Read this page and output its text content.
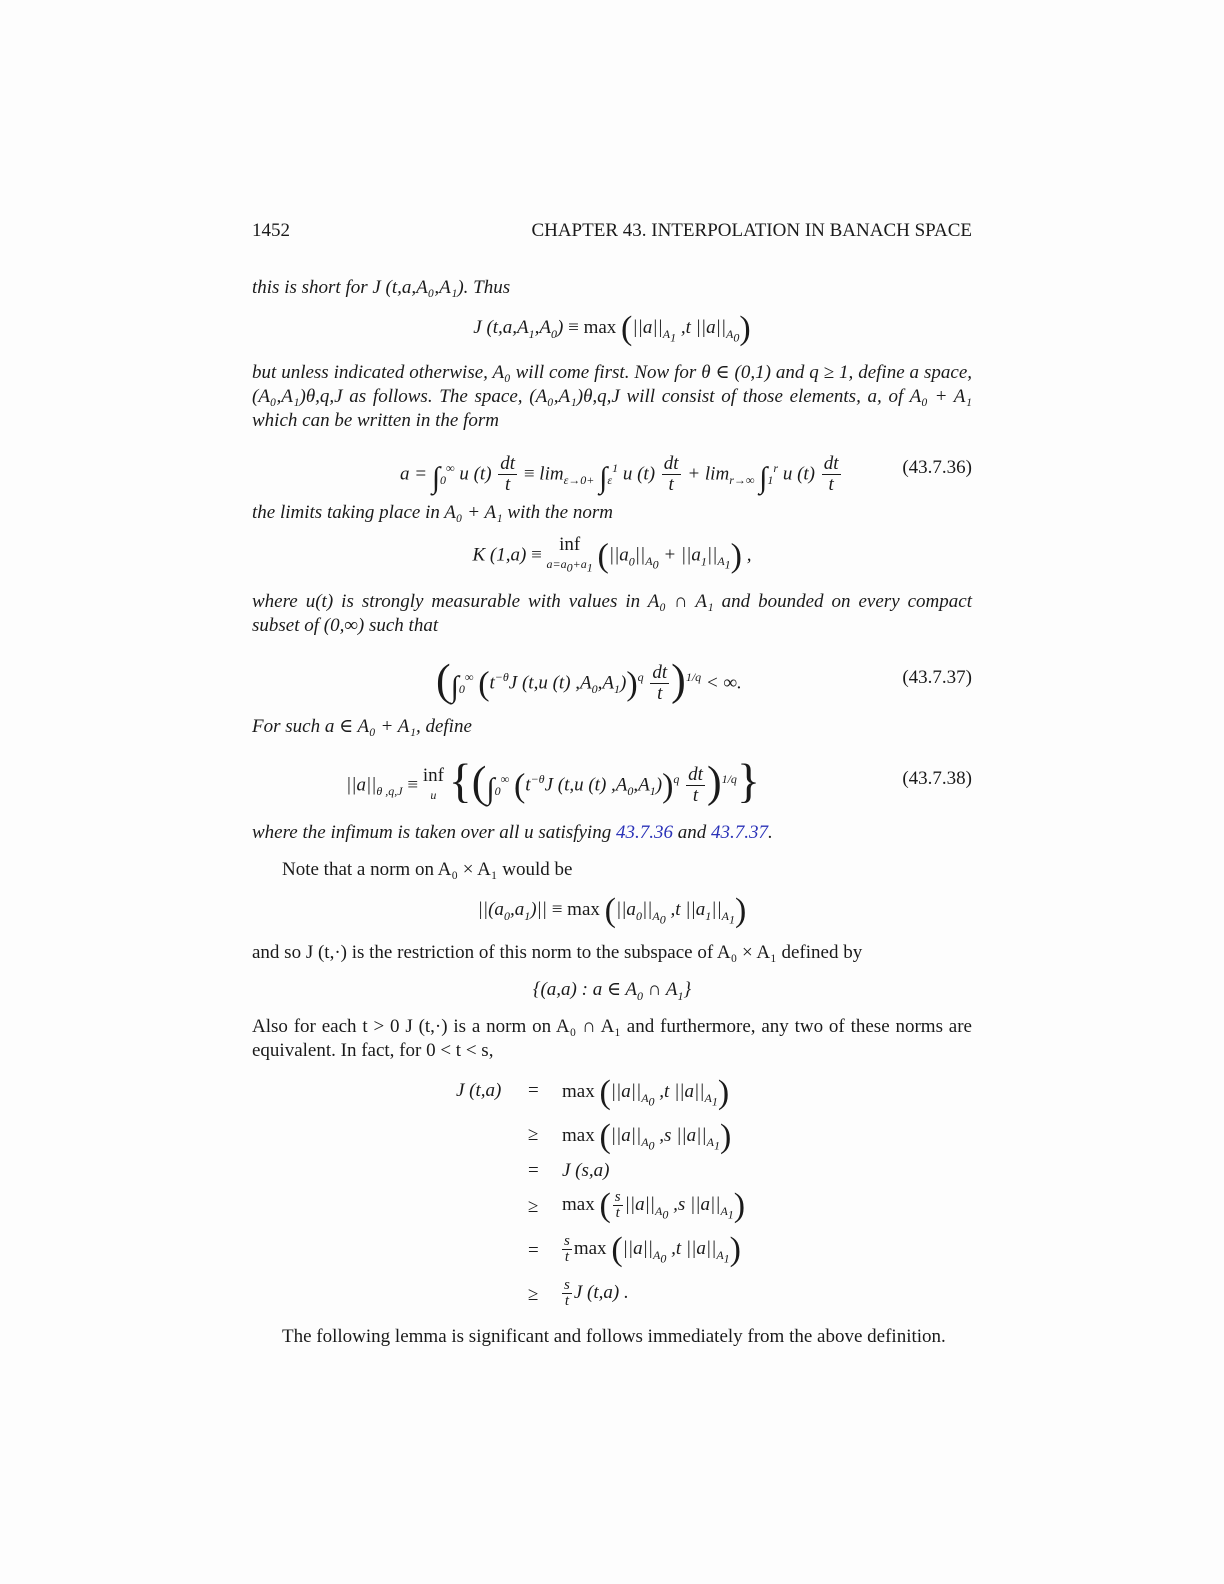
1452	CHAPTER 43. INTERPOLATION IN BANACH SPACE
this is short for J (t,a,A₀,A₁). Thus
J $(t,a,A_1,A_0) \equiv \max (||a||_{A_1}$ ,t $||a||_{A_0}$)
but unless indicated otherwise, A₀ will come first. Now for θ ∈ (0,1) and q ≥ 1, define a space, (A₀,A₁)θ,q,J as follows. The space, (A₀,A₁)θ,q,J will consist of those elements, a, of A₀ + A₁ which can be written in the form
$a = \int_0^\infty$ u $(t) \frac{dt}{t} \equiv \lim_{\varepsilon\to 0+} \int_\varepsilon^1$ u $(t) \frac{dt}{t} + \lim_{r\to\infty} \int_1^r$ u $(t) \frac{dt}{t}$	(43.7.36)
the limits taking place in A₀ + A₁ with the norm
K (1,a) ≡ inf
$a=a_0+a_1$ $(||a_0||_{A_0} + ||a_1||_{A_1})$ ,
where u(t) is strongly measurable with values in A₀ ∩ A₁ and bounded on every compact subset of (0,∞) such that
($\int_0^\infty$ ($t^{-\theta}J$ (t,u (t) $,A_0,A_1))^q \frac{dt}{t} )^{1/q}$ < ∞.	(43.7.37)
For such a ∈ A₀ + A₁, define
$||a||_{\theta ,q,J}$ ≡ inf
u {($\int_0^\infty$ ($t^{-\theta}J$ (t,u (t) $,A_0,A_1))^q \frac{dt}{t} )^{1/q}$}	(43.7.38)
where the infimum is taken over all u satisfying 43.7.36 and 43.7.37.
Note that a norm on A₀ × A₁ would be
$||(a_0,a_1)|| \equiv \max (||a_0||_{A_0}$ ,t $||a_1||_{A_1}$)
and so J (t,·) is the restriction of this norm to the subspace of A₀ × A₁ defined by
{(a,a) : a ∈ $A_0$ ∩ $A_1$}
Also for each t > 0 J (t,·) is a norm on A₀ ∩ A₁ and furthermore, any two of these norms are equivalent. In fact, for 0 < t < s,
J $(t,a) = \max (||a||_{A_0}$ ,t $||a||_{A_1}$)
≥ $\max (||a||_{A_0}$ ,s $||a||_{A_1}$)
= J (s,a)
≥ max ( $\frac{s}{t} ||a||_{A_0}$ ,s $||a||_{A_1}$)
= $\frac{s}{t}$ $\max (||a||_{A_0}$ ,t $||a||_{A_1}$)
≥ $\frac{s}{t}$ J (t,a) .
The following lemma is significant and follows immediately from the above definition.
